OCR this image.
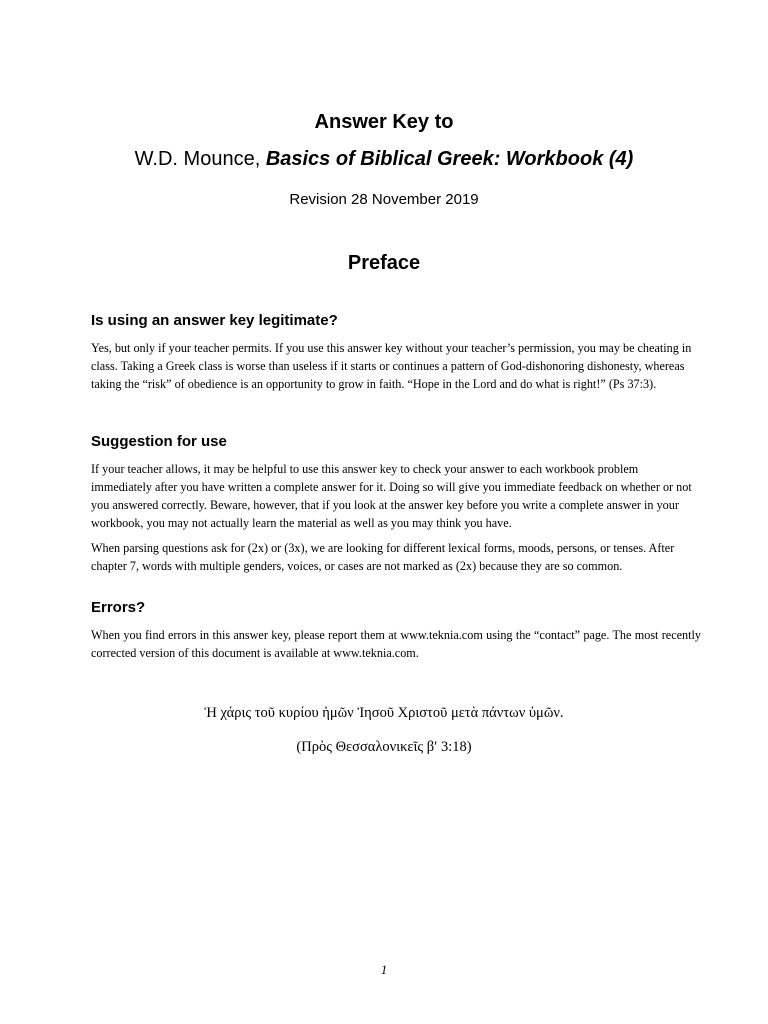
Answer Key to
W.D. Mounce, Basics of Biblical Greek: Workbook (4)
Revision 28 November 2019
Preface
Is using an answer key legitimate?

Yes, but only if your teacher permits. If you use this answer key without your teacher’s permission, you may be cheating in class. Taking a Greek class is worse than useless if it starts or continues a pattern of God-dishonoring dishonesty, whereas taking the “risk” of obedience is an opportunity to grow in faith. “Hope in the Lord and do what is right!” (Ps 37:3).

Suggestion for use

If your teacher allows, it may be helpful to use this answer key to check your answer to each workbook problem immediately after you have written a complete answer for it. Doing so will give you immediate feedback on whether or not you answered correctly. Beware, however, that if you look at the answer key before you write a complete answer in your workbook, you may not actually learn the material as well as you may think you have.

When parsing questions ask for (2x) or (3x), we are looking for different lexical forms, moods, persons, or tenses. After chapter 7, words with multiple genders, voices, or cases are not marked as (2x) because they are so common.

Errors?

When you find errors in this answer key, please report them at www.teknia.com using the “contact” page. The most recently corrected version of this document is available at www.teknia.com.

Ἡ χάρις τοῦ κυρίου ἡμῶν Ἰησοῦ Χριστοῦ μετὰ πάντων ὑμῶν.
(Πρὸς Θεσσαλονικεῖς β′ 3:18)
1
